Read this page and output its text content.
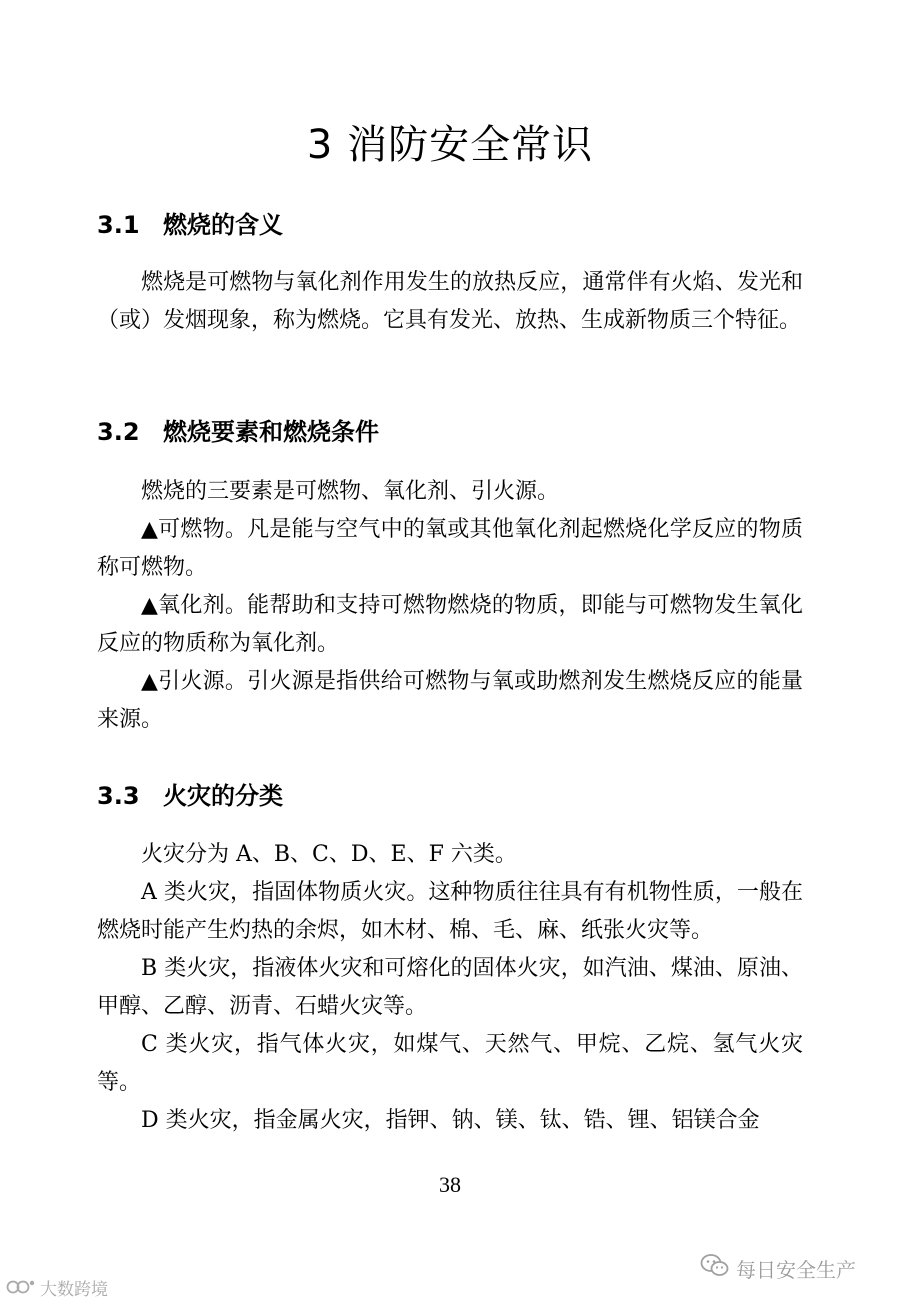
3 消防安全常识
3.1 燃烧的含义

燃烧是可燃物与氧化剂作用发生的放热反应，通常伴有火焰、发光和（或）发烟现象，称为燃烧。它具有发光、放热、生成新物质三个特征。

3.2 燃烧要素和燃烧条件

燃烧的三要素是可燃物、氧化剂、引火源。

▲可燃物。凡是能与空气中的氧或其他氧化剂起燃烧化学反应的物质称可燃物。

▲氧化剂。能帮助和支持可燃物燃烧的物质，即能与可燃物发生氧化反应的物质称为氧化剂。

▲引火源。引火源是指供给可燃物与氧或助燃剂发生燃烧反应的能量来源。

3.3 火灾的分类

火灾分为 A、B、C、D、E、F 六类。

A 类火灾，指固体物质火灾。这种物质往往具有有机物性质，一般在燃烧时能产生灼热的余烬，如木材、棉、毛、麻、纸张火灾等。

B 类火灾，指液体火灾和可熔化的固体火灾，如汽油、煤油、原油、甲醇、乙醇、沥青、石蜡火灾等。

C 类火灾，指气体火灾，如煤气、天然气、甲烷、乙烷、氢气火灾等。

D 类火灾，指金属火灾，指钾、钠、镁、钛、锆、锂、铝镁合金

38
每日安全生产
大数跨境
